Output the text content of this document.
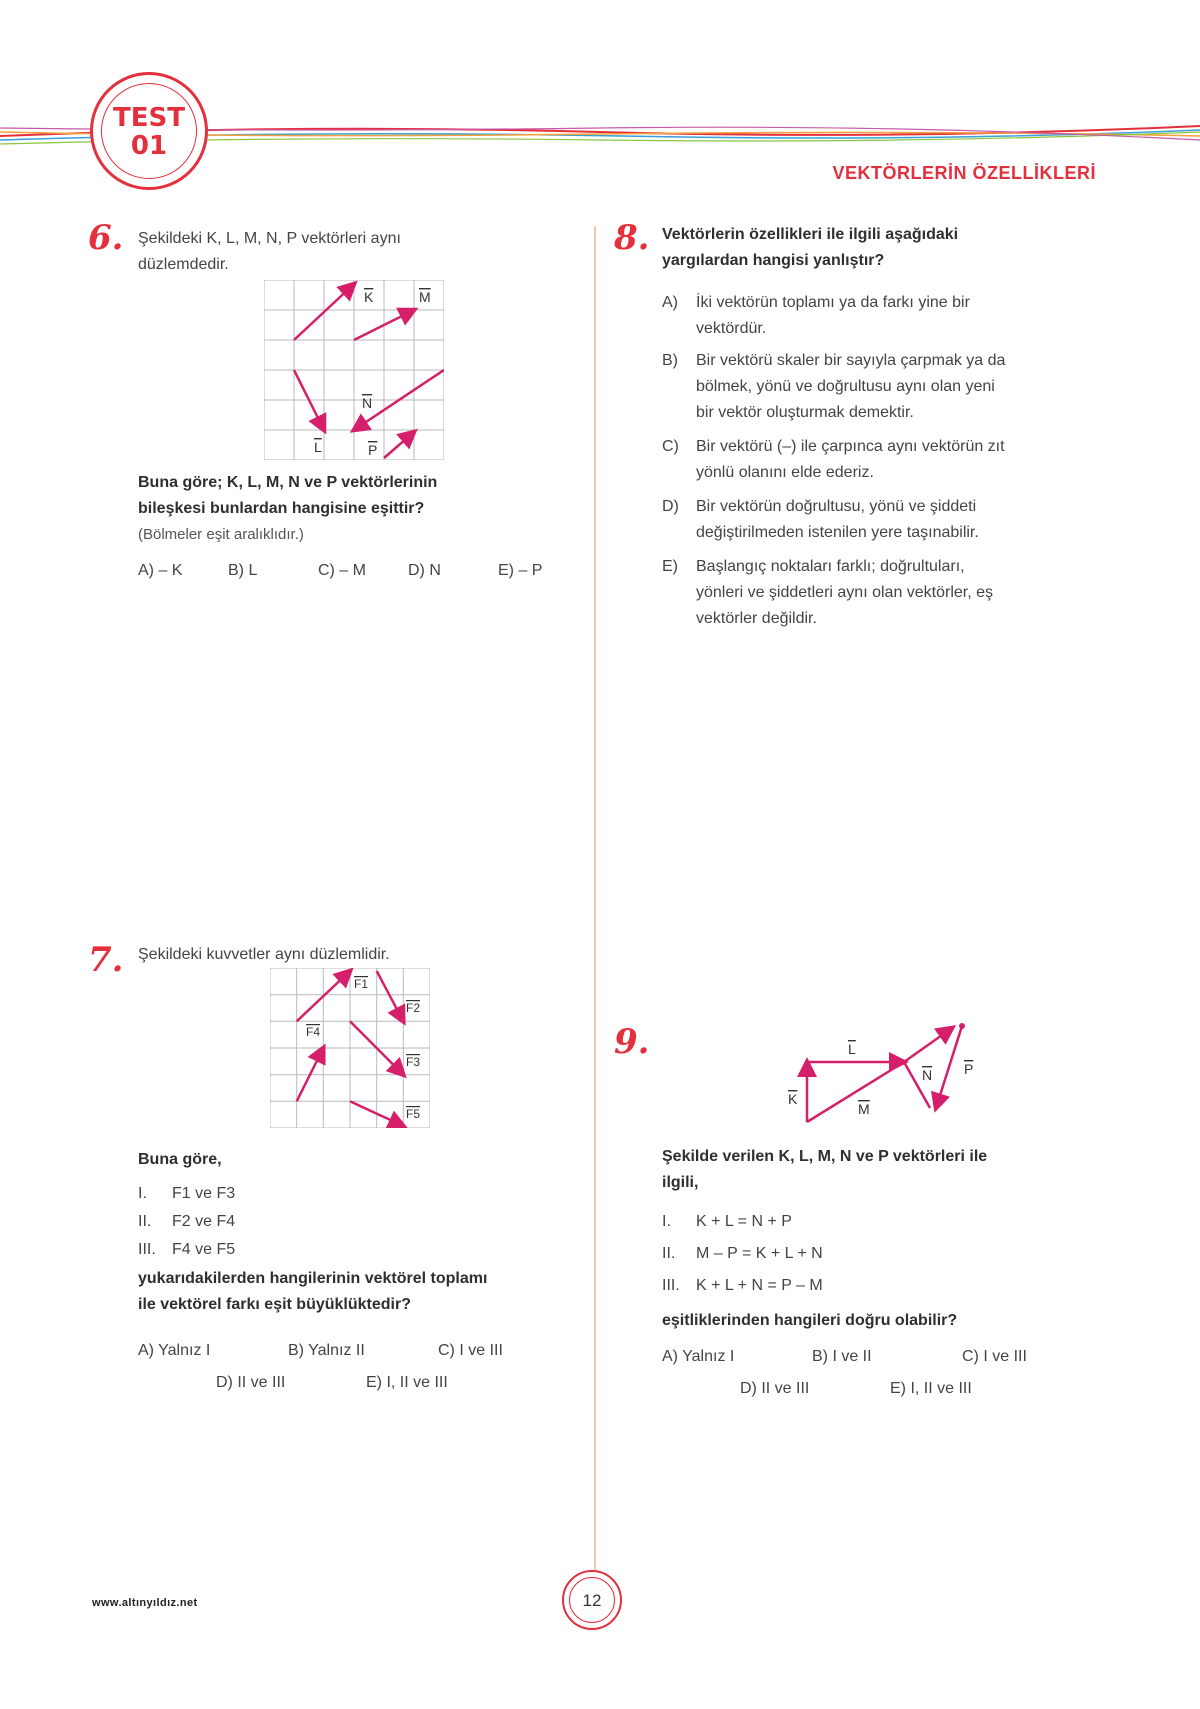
TEST
01
VEKTÖRLERİN ÖZELLİKLERİ
6. Şekildeki K, L, M, N, P vektörleri aynı
düzlemdedir.
K	M
N
L	P
Buna göre; K, L, M, N ve P vektörlerinin
bileşkesi bunlardan hangisine eşittir?
(Bölmeler eşit aralıklıdır.)
A) – K	B) L	C) – M	D) N	E) – P
7. Şekildeki kuvvetler aynı düzlemlidir.
F1
F2
F4
F3
F5
Buna göre,
I. F1 ve F3
II. F2 ve F4
III. F4 ve F5
yukarıdakilerden hangilerinin vektörel toplamı
ile vektörel farkı eşit büyüklüktedir?
A) Yalnız I	B) Yalnız II	C) I ve III
D) II ve III	E) I, II ve III
8. Vektörlerin özellikleri ile ilgili aşağıdaki
yargılardan hangisi yanlıştır?
A) İki vektörün toplamı ya da farkı yine bir
vektördür.
B) Bir vektörü skaler bir sayıyla çarpmak ya da
bölmek, yönü ve doğrultusu aynı olan yeni
bir vektör oluşturmak demektir.
C) Bir vektörü (–) ile çarpınca aynı vektörün zıt
yönlü olanını elde ederiz.
D) Bir vektörün doğrultusu, yönü ve şiddeti
değiştirilmeden istenilen yere taşınabilir.
E) Başlangıç noktaları farklı; doğrultuları,
yönleri ve şiddetleri aynı olan vektörler, eş
vektörler değildir.
9.	L
K
M
N P
Şekilde verilen K, L, M, N ve P vektörleri ile
ilgili,
I. K + L = N + P
II. M – P = K + L + N
III. K + L + N = P – M
eşitliklerinden hangileri doğru olabilir?
A) Yalnız I	B) I ve II	C) I ve III
D) II ve III	E) I, II ve III
www.altınyıldız.net	12
